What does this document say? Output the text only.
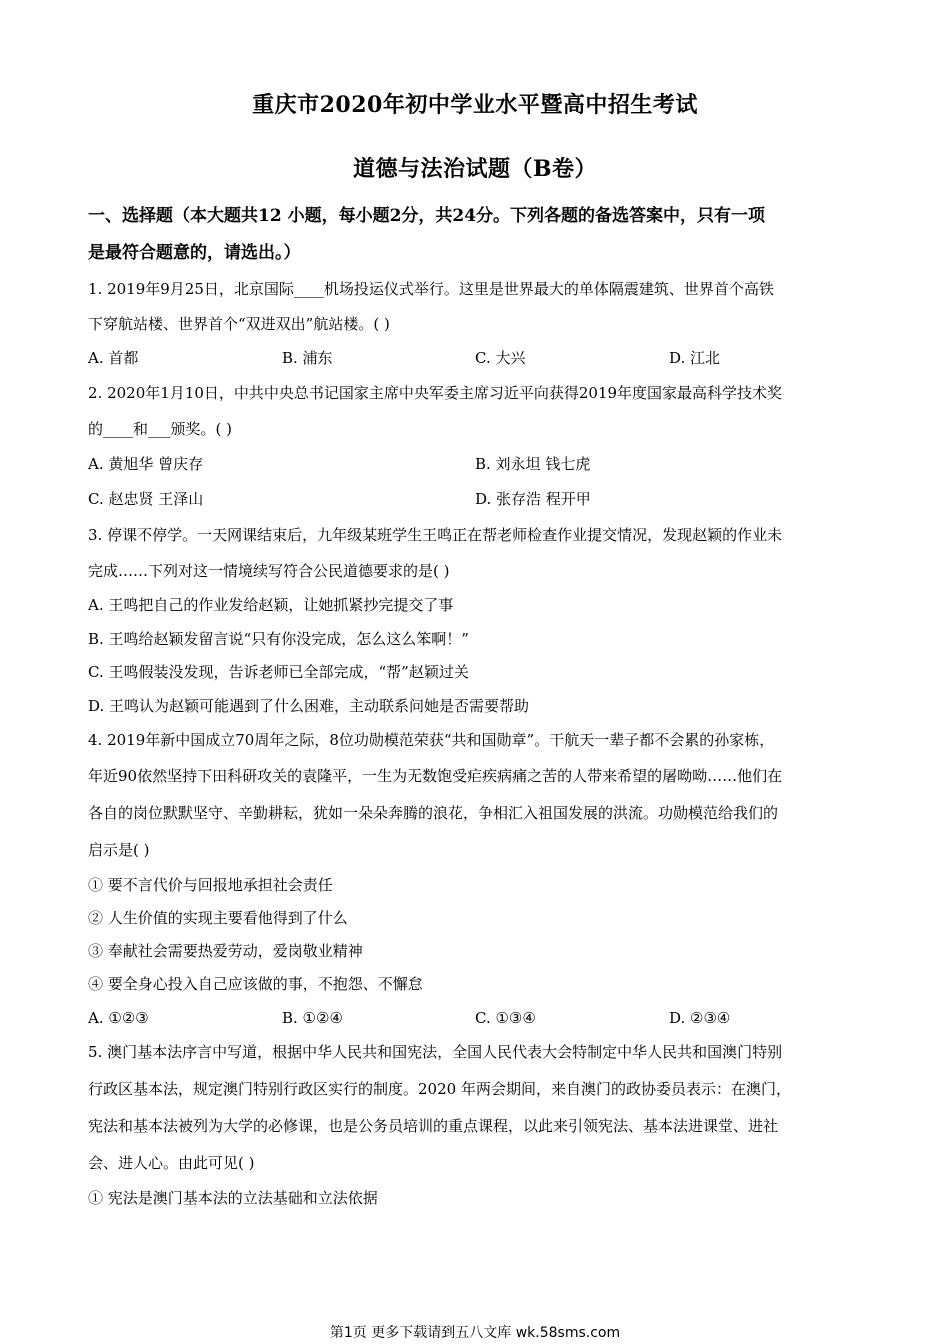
重庆市2020年初中学业水平暨高中招生考试
道德与法治试题（B卷）
一、选择题（本大题共12 小题，每小题2分，共24分。下列各题的备选答案中，只有一项
是最符合题意的，请选出。）
1. 2019年9月25日，北京国际____机场投运仪式举行。这里是世界最大的单体隔震建筑、世界首个高铁
下穿航站楼、世界首个“双进双出”航站楼。( )
A. 首都	B. 浦东	C. 大兴	D. 江北
2. 2020年1月10日，中共中央总书记国家主席中央军委主席习近平向获得2019年度国家最高科学技术奖
的____和___颁奖。( )
A. 黄旭华 曾庆存	B. 刘永坦 钱七虎
C. 赵忠贤 王泽山	D. 张存浩 程开甲
3. 停课不停学。一天网课结束后，九年级某班学生王鸣正在帮老师检查作业提交情况，发现赵颖的作业未
完成……下列对这一情境续写符合公民道德要求的是( )
A. 王鸣把自己的作业发给赵颖，让她抓紧抄完提交了事
B. 王鸣给赵颖发留言说“只有你没完成，怎么这么笨啊！”
C. 王鸣假装没发现，告诉老师已全部完成，“帮”赵颖过关
D. 王鸣认为赵颖可能遇到了什么困难，主动联系问她是否需要帮助
4. 2019年新中国成立70周年之际，8位功勋模范荣获“共和国勋章”。干航天一辈子都不会累的孙家栋，
年近90依然坚持下田科研攻关的袁隆平，一生为无数饱受疟疾病痛之苦的人带来希望的屠呦呦……他们在
各自的岗位默默坚守、辛勤耕耘，犹如一朵朵奔腾的浪花，争相汇入祖国发展的洪流。功勋模范给我们的
启示是( )
① 要不言代价与回报地承担社会责任
② 人生价值的实现主要看他得到了什么
③ 奉献社会需要热爱劳动，爱岗敬业精神
④ 要全身心投入自己应该做的事，不抱怨、不懈怠
A. ①②③	B. ①②④	C. ①③④	D. ②③④
5. 澳门基本法序言中写道，根据中华人民共和国宪法，全国人民代表大会特制定中华人民共和国澳门特别
行政区基本法，规定澳门特别行政区实行的制度。2020 年两会期间，来自澳门的政协委员表示：在澳门，
宪法和基本法被列为大学的必修课，也是公务员培训的重点课程，以此来引领宪法、基本法进课堂、进社
会、进人心。由此可见( )
① 宪法是澳门基本法的立法基础和立法依据
第1页 更多下载请到五八文库 wk.58sms.com
